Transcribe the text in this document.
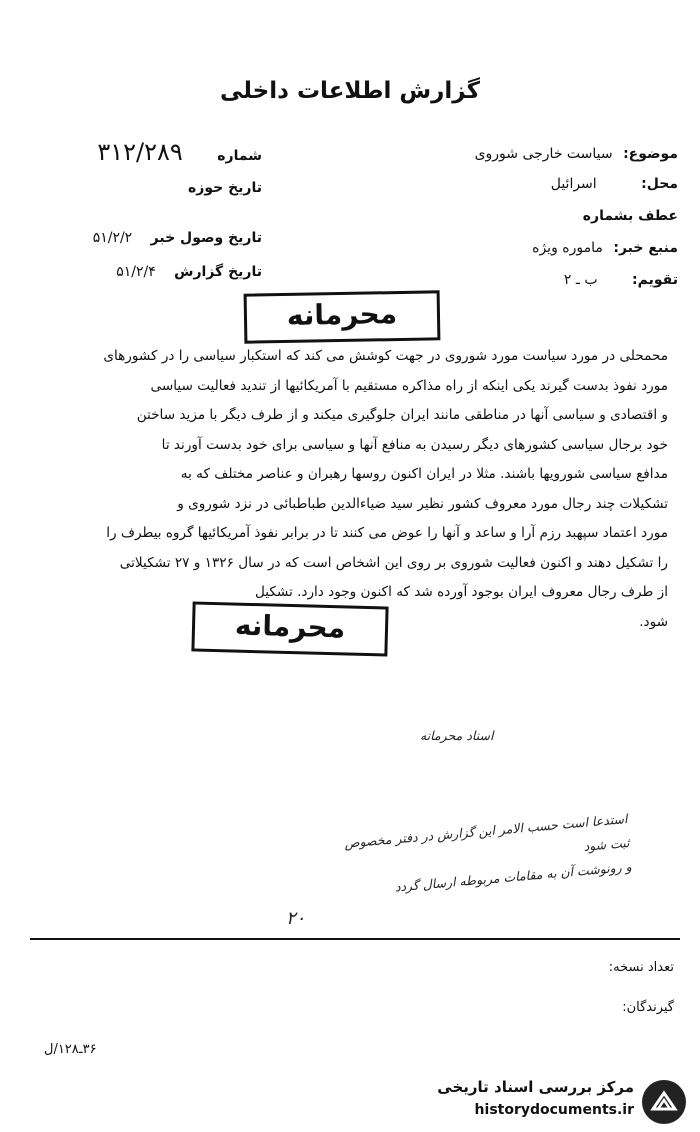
گزارش اطلاعات داخلی
موضوع: سیاست خارجی شوروی
محل: اسرائیل
عطف بشماره
منبع خبر: ماموره ویژه
تقویم: ب ـ ۲
شماره ۳۱۲/۲۸۹
تاریخ حوزه
تاریخ وصول خبر ۵۱/۲/۲
تاریخ گزارش ۵۱/۲/۴
محرمانه
محمحلی در مورد سیاست مورد شوروی در جهت کوشش می کند که استکبار سیاسی را در کشورهای
مورد نفوذ بدست گیرند یکی اینکه از راه مذاکره مستقیم با آمریکائیها از تندید فعالیت سیاسی
و اقتصادی و سیاسی آنها در مناطقی مانند ایران جلوگیری میکند و از طرف دیگر با مزید ساختن
خود برجال سیاسی کشورهای دیگر رسیدن به منافع آنها و سیاسی برای خود بدست آورند تا
مدافع سیاسی شورویها باشند. مثلا در ایران اکنون روسها رهبران و عناصر مختلف که به
تشکیلات چند رجال مورد معروف کشور نظیر سید ضیاءالدین طباطبائی در نزد شوروی و
مورد اعتماد سپهبد رزم آرا و ساعد و آنها را عوض می کنند تا در برابر نفوذ آمریکائیها گروه بیطرف را
را تشکیل دهند و اکنون فعالیت شوروی بر روی این اشخاص است که در سال ۱۳۲۶ و ۲۷ تشکیلاتی
از طرف رجال معروف ایران بوجود آورده شد که اکنون وجود دارد. تشکیل
شود.
محرمانه
اسناد محرمانه
استدعا است حسب الامر این گزارش در دفتر مخصوص ثبت شود
و رونوشت آن به مقامات مربوطه ارسال گردد
۲۰
تعداد نسخه:
گیرندگان:
۳۶ـ۱۲۸/ل
مرکز بررسی اسناد تاریخی
historydocuments.ir
